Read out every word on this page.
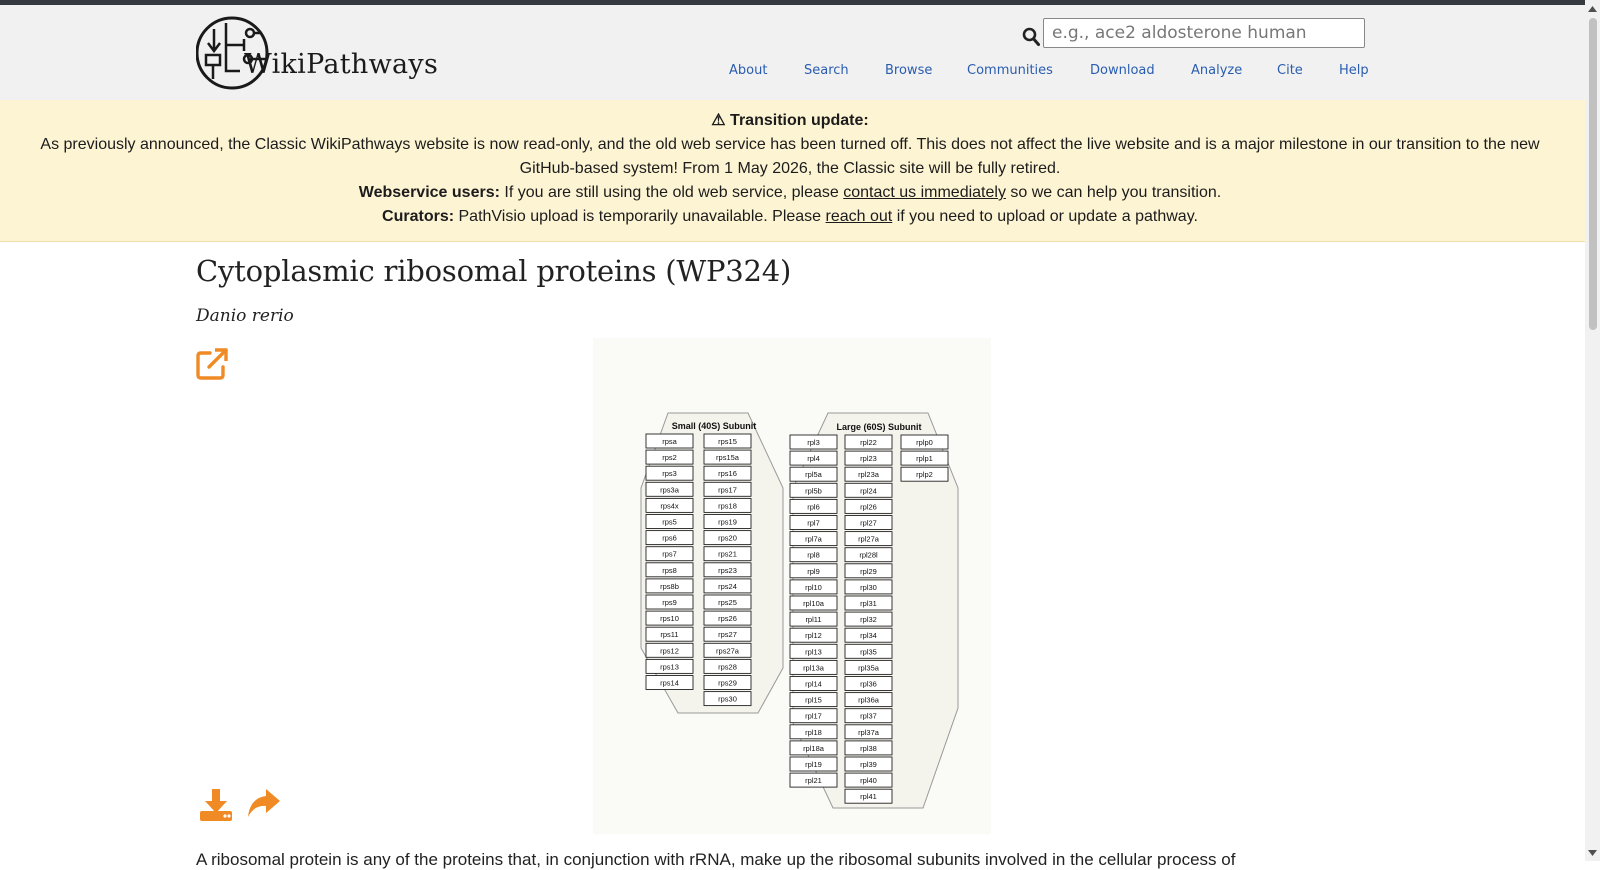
WikiPathways
e.g., ace2 aldosterone human	About	Search	Browse	Communities	Download	Analyze	Cite	Help
⚠ Transition update:
As previously announced, the Classic WikiPathways website is now read-only, and the old web service has been turned off. This does not affect the live website and is a major milestone in our transition to the new
GitHub-based system! From 1 May 2026, the Classic site will be fully retired.
Webservice users: If you are still using the old web service, please contact us immediately so we can help you transition.
Curators: PathVisio upload is temporarily unavailable. Please reach out if you need to upload or update a pathway.
Cytoplasmic ribosomal proteins (WP324)
Danio rerio
Small (40S) Subunit	Large (60S) Subunit
rpsa
rps2
rps3
rps3a
rps4x
rps5
rps6
rps7
rps8
rps8b
rps9
rps10
rps11
rps12
rps13
rps14
rps15
rps15a
rps16
rps17
rps18
rps19
rps20
rps21
rps23
rps24
rps25
rps26
rps27
rps27a
rps28
rps29
rps30
rpl3
rpl4
rpl5a
rpl5b
rpl6
rpl7
rpl7a
rpl8
rpl9
rpl10
rpl10a
rpl11
rpl12
rpl13
rpl13a
rpl14
rpl15
rpl17
rpl18
rpl18a
rpl19
rpl21
rpl22
rpl23
rpl23a
rpl24
rpl26
rpl27
rpl27a
rpl28l
rpl29
rpl30
rpl31
rpl32
rpl34
rpl35
rpl35a
rpl36
rpl36a
rpl37
rpl37a
rpl38
rpl39
rpl40
rpl41
rplp0
rplp1
rplp2
A ribosomal protein is any of the proteins that, in conjunction with rRNA, make up the ribosomal subunits involved in the cellular process of
